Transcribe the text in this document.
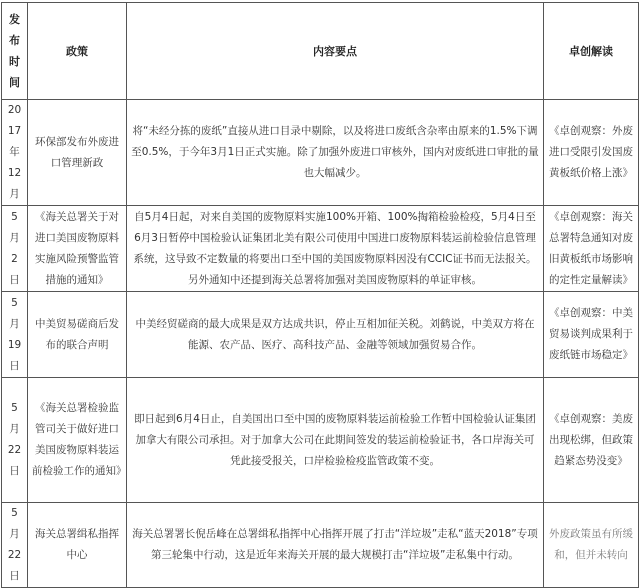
发布时间	政策	内容要点	卓创解读
2017年12月	环保部发布外废进口管理新政	将“未经分拣的废纸”直接从进口目录中剔除，以及将进口废纸含杂率由原来的1.5%下调至0.5%，于今年3月1日正式实施。除了加强外废进口审核外，国内对废纸进口审批的量也大幅减少。	《卓创观察：外废进口受限引发国废黄板纸价格上涨》
5月2日	《海关总署关于对进口美国废物原料实施风险预警监管措施的通知》	自5月4日起，对来自美国的废物原料实施100%开箱、100%掏箱检验检疫，5月4日至6月3日暂停中国检验认证集团北美有限公司使用中国进口废物原料装运前检验信息管理系统，这导致不定数量的将要出口至中国的美国废物原料因没有CCIC证书而无法报关。另外通知中还提到海关总署将加强对美国废物原料的单证审核。	《卓创观察：海关总署特急通知对废旧黄板纸市场影响的定性定量解读》
5月19日	中美贸易磋商后发布的联合声明	中美经贸磋商的最大成果是双方达成共识，停止互相加征关税。刘鹤说，中美双方将在能源、农产品、医疗、高科技产品、金融等领域加强贸易合作。	《卓创观察：中美贸易谈判成果利于废纸链市场稳定》
5月22日	《海关总署检验监管司关于做好进口美国废物原料装运前检验工作的通知》	即日起到6月4日止，自美国出口至中国的废物原料装运前检验工作暂中国检验认证集团加拿大有限公司承担。对于加拿大公司在此期间签发的装运前检验证书，各口岸海关可凭此接受报关，口岸检验检疫监管政策不变。	《卓创观察：美废出现松绑，但政策趋紧态势没变》
5月22日	海关总署缉私指挥中心	海关总署署长倪岳峰在总署缉私指挥中心指挥开展了打击“洋垃圾”走私“蓝天2018”专项第三轮集中行动，这是近年来海关开展的最大规模打击“洋垃圾”走私集中行动。	外废政策虽有所缓和，但并未转向
